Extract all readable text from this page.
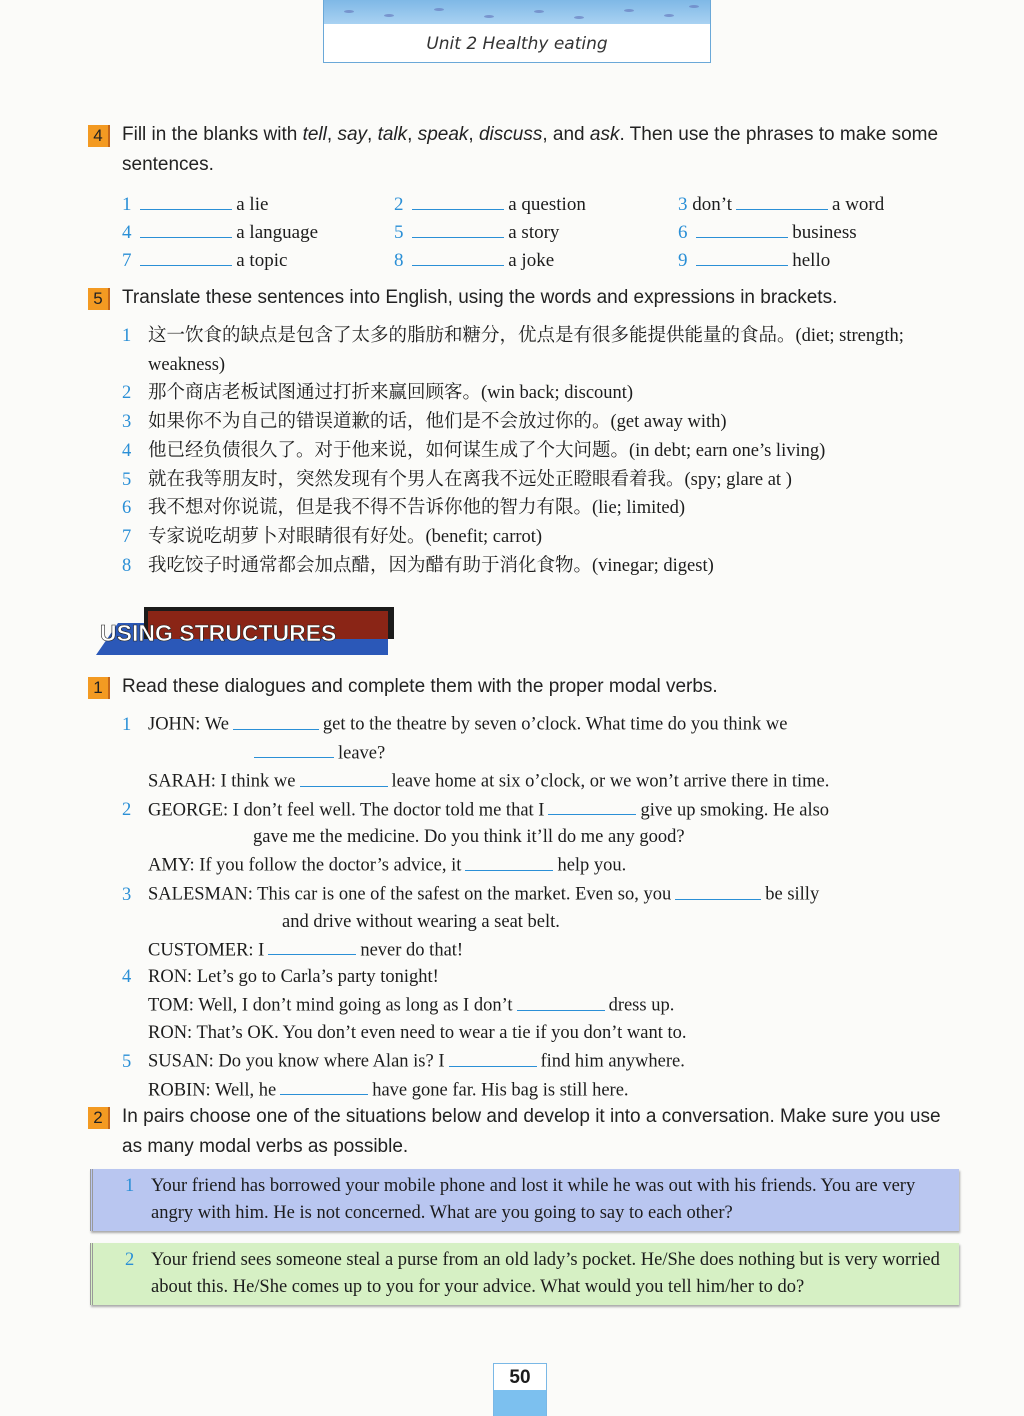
Unit 2 Healthy eating
4	Fill in the blanks with tell, say, talk, speak, discuss, and ask. Then use the phrases to make some sentences.
1	a lie	2	a question	3 don’t	a word
4	a language	5	a story	6	business
7	a topic	8	a joke	9	hello
5	Translate these sentences into English, using the words and expressions in brackets.
1 这一饮食的缺点是包含了太多的脂肪和糖分，优点是有很多能提供能量的食品。(diet; strength; weakness)
2 那个商店老板试图通过打折来赢回顾客。(win back; discount)
3 如果你不为自己的错误道歉的话，他们是不会放过你的。(get away with)
4 他已经负债很久了。对于他来说，如何谋生成了个大问题。(in debt; earn one’s living)
5 就在我等朋友时，突然发现有个男人在离我不远处正瞪眼看着我。(spy; glare at )
6 我不想对你说谎，但是我不得不告诉你他的智力有限。(lie; limited)
7 专家说吃胡萝卜对眼睛很有好处。(benefit; carrot)
8 我吃饺子时通常都会加点醋，因为醋有助于消化食物。(vinegar; digest)
USING STRUCTURES
1	Read these dialogues and complete them with the proper modal verbs.
1 JOHN: We	get to the theatre by seven o’clock. What time do you think we
leave?
SARAH: I think we	leave home at six o’clock, or we won’t arrive there in time.
2 GEORGE: I don’t feel well. The doctor told me that I	give up smoking. He also
gave me the medicine. Do you think it’ll do me any good?
AMY: If you follow the doctor’s advice, it	help you.
3 SALESMAN: This car is one of the safest on the market. Even so, you	be silly
and drive without wearing a seat belt.
CUSTOMER: I	never do that!
4 RON: Let’s go to Carla’s party tonight!
TOM: Well, I don’t mind going as long as I don’t	dress up.
RON: That’s OK. You don’t even need to wear a tie if you don’t want to.
5 SUSAN: Do you know where Alan is? I	find him anywhere.
ROBIN: Well, he	have gone far. His bag is still here.
2	In pairs choose one of the situations below and develop it into a conversation. Make sure you use as many modal verbs as possible.
1 Your friend has borrowed your mobile phone and lost it while he was out with his friends. You are very angry with him. He is not concerned. What are you going to say to each other?
2 Your friend sees someone steal a purse from an old lady’s pocket. He/She does nothing but is very worried about this. He/She comes up to you for your advice. What would you tell him/her to do?
50
